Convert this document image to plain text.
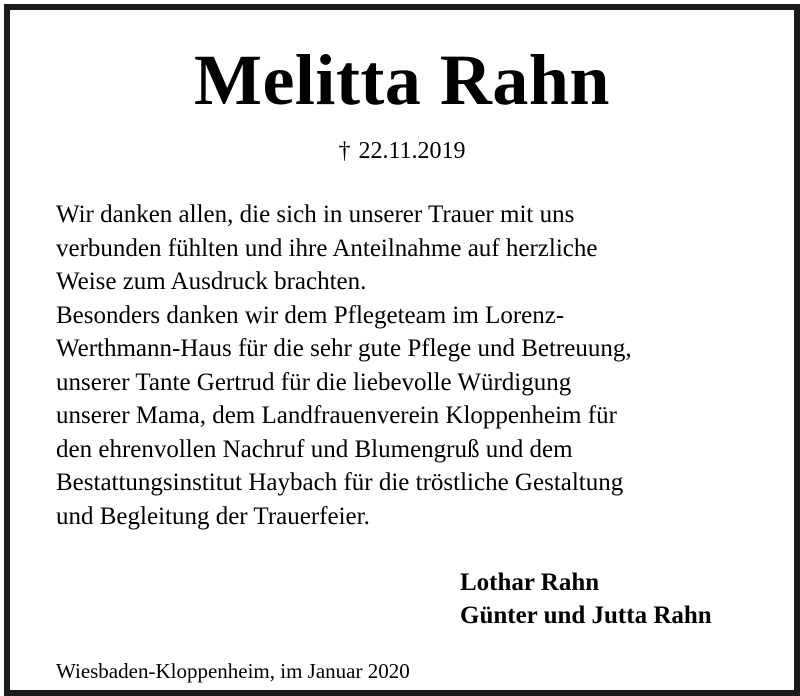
Melitta Rahn
† 22.11.2019
Wir danken allen, die sich in unserer Trauer mit uns
verbunden fühlten und ihre Anteilnahme auf herzliche
Weise zum Ausdruck brachten.
Besonders danken wir dem Pflegeteam im Lorenz-
Werthmann-Haus für die sehr gute Pflege und Betreuung,
unserer Tante Gertrud für die liebevolle Würdigung
unserer Mama, dem Landfrauenverein Kloppenheim für
den ehrenvollen Nachruf und Blumengruß und dem
Bestattungsinstitut Haybach für die tröstliche Gestaltung
und Begleitung der Trauerfeier.
Lothar Rahn
Günter und Jutta Rahn
Wiesbaden-Kloppenheim, im Januar 2020
